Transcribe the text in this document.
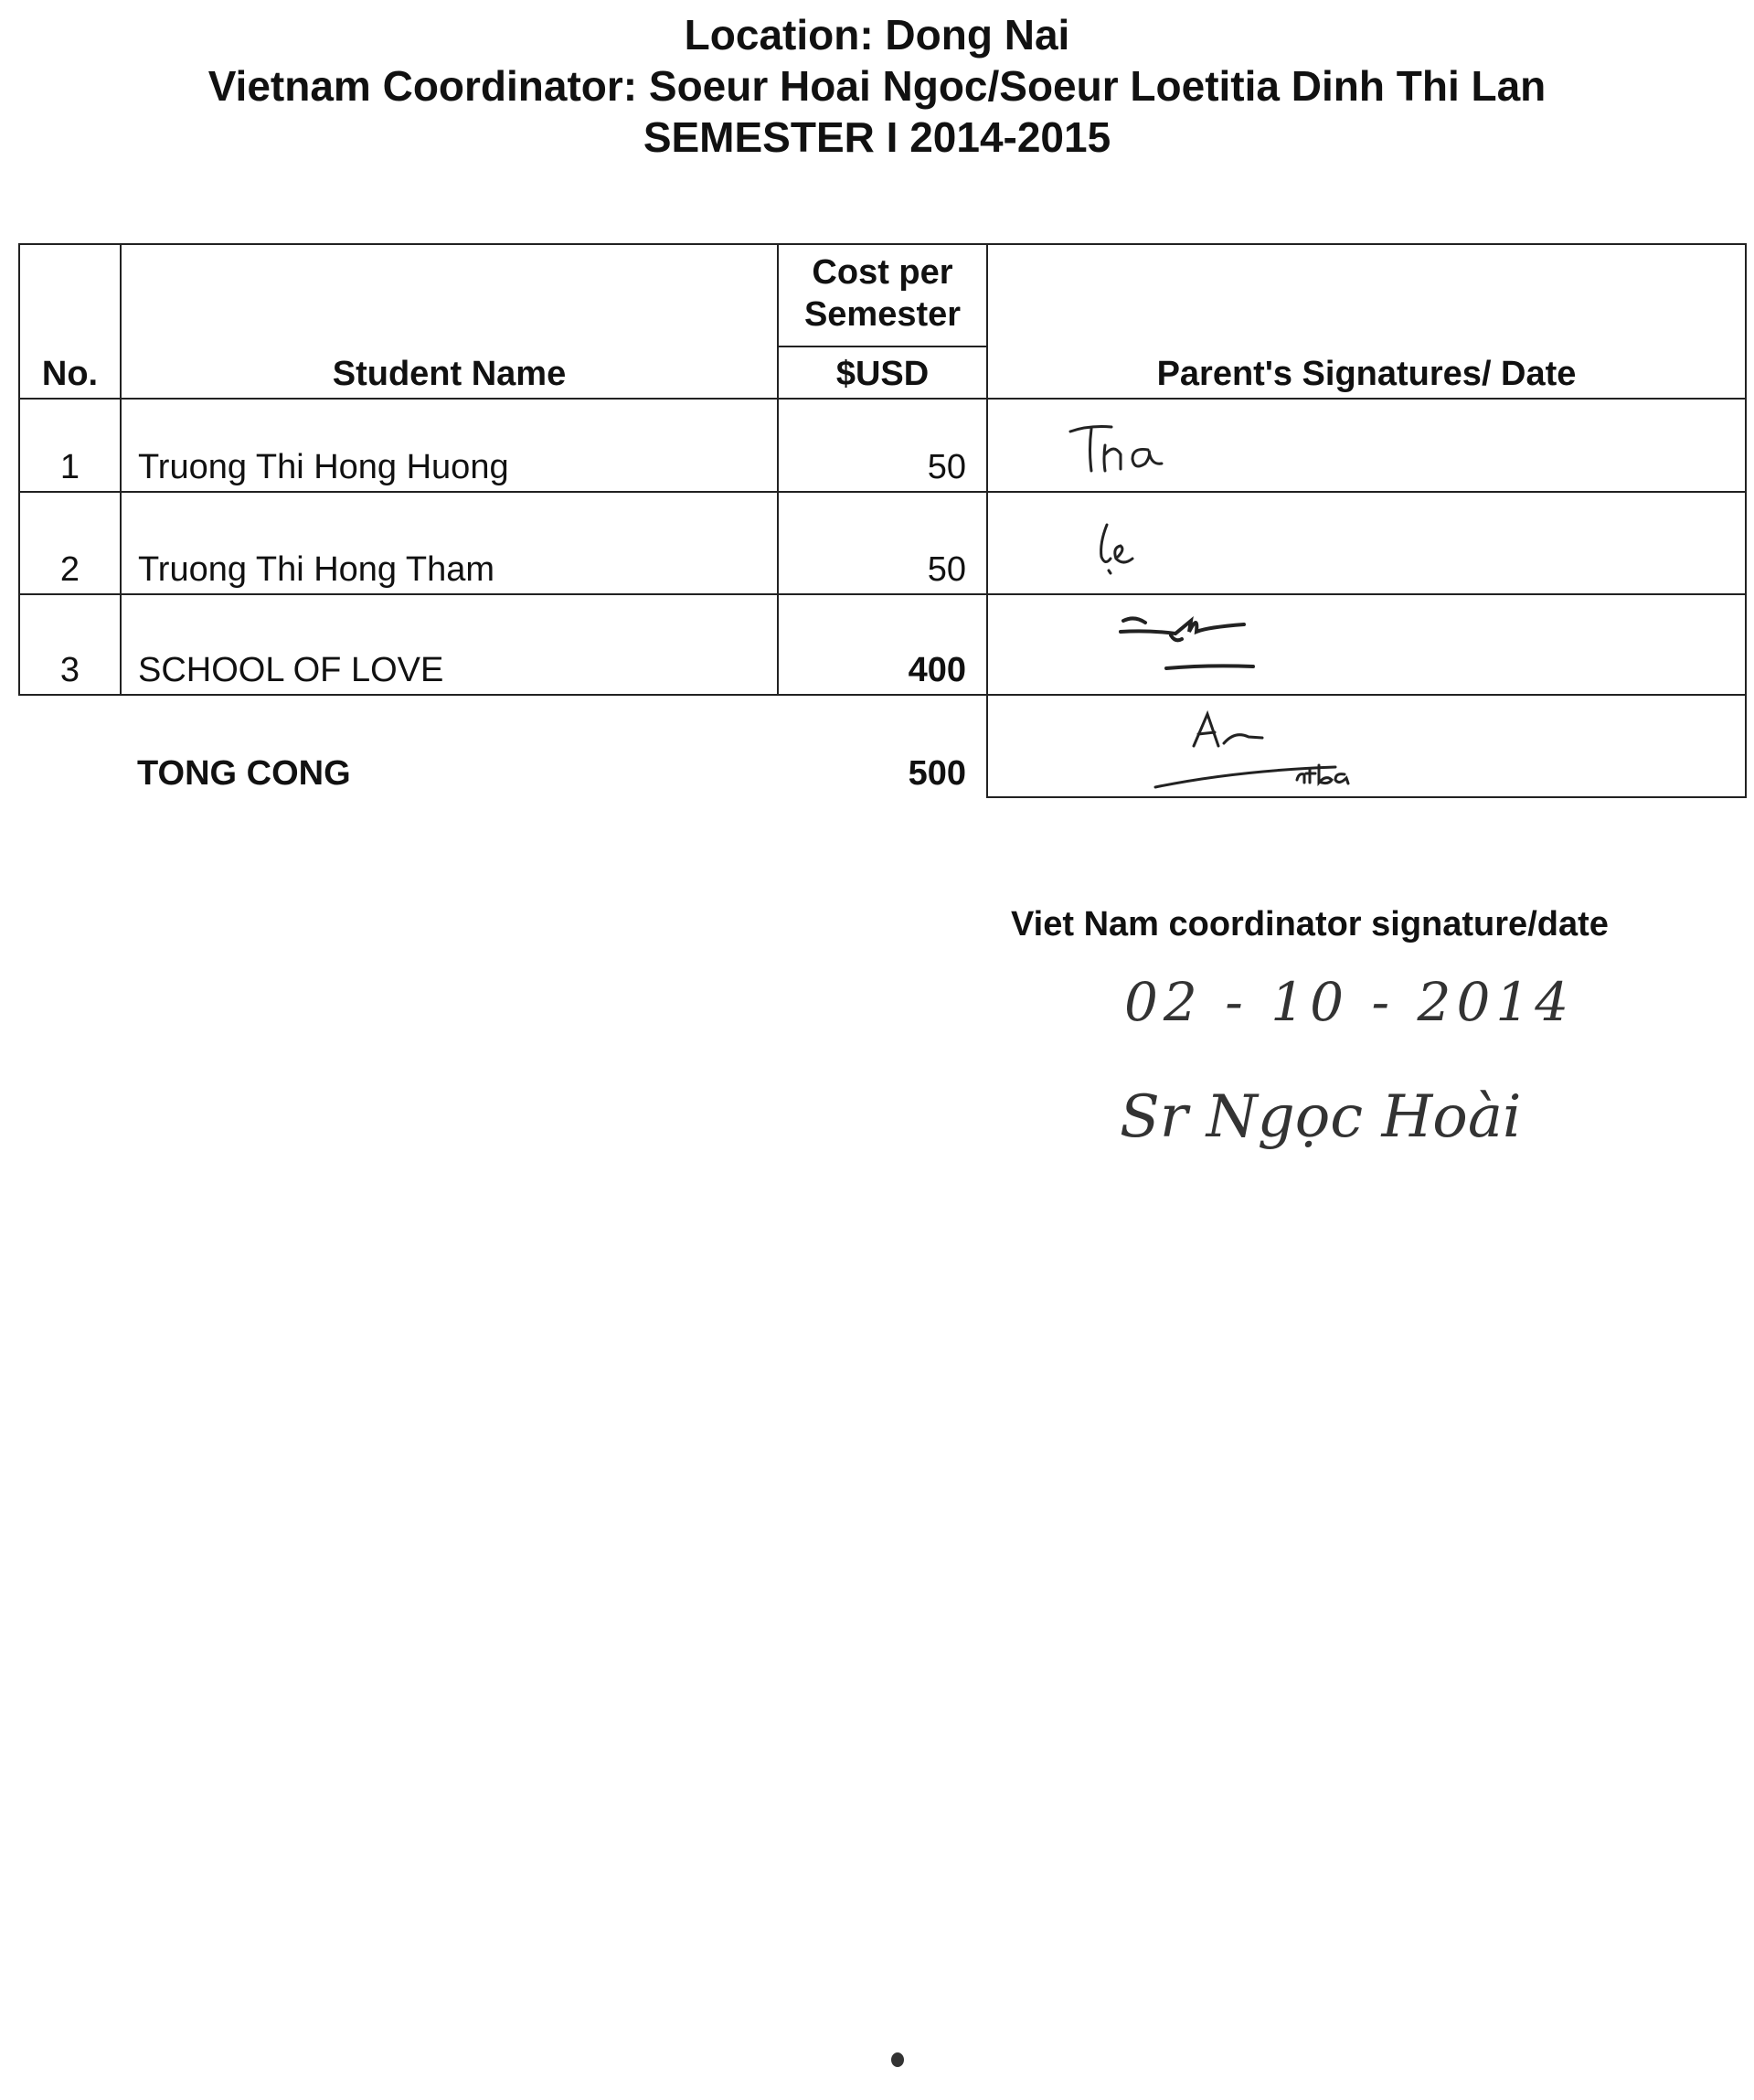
Location: Dong Nai
Vietnam Coordinator: Soeur Hoai Ngoc/Soeur Loetitia Dinh Thi Lan
SEMESTER I 2014-2015
No.	Student Name	Cost per Semester	Parent's Signatures/ Date
		$USD	
1	Truong Thi Hong Huong	50	

2	Truong Thi Hong Tham	50	

3	SCHOOL OF LOVE	400	

	TONG CONG	500	
Viet Nam coordinator signature/date
02 - 10 - 2014
Sr Ngọc Hoài
